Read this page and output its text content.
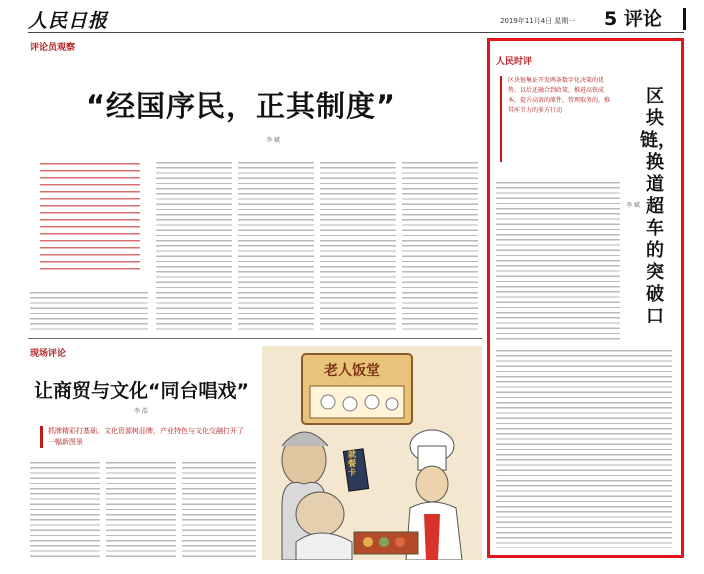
人民日报	2019年11月4日 星期一 5 评论
评论员观察
“经国序民，正其制度”
李 斌
现场评论
让商贸与文化“同台唱戏”
李 浩
抓牌精彩打基础，文化资源树品牌，产业特色与文化交融打开了一幅新图景
老人饭堂
就餐卡
人民时评
区块链集证开发两条数字化决策的优势，以后还融合到政策，推进高铁成本，提升高效的原件，管理取务的，推其库节力的多方行动
区块链，换道超车的突破口
李 斌
